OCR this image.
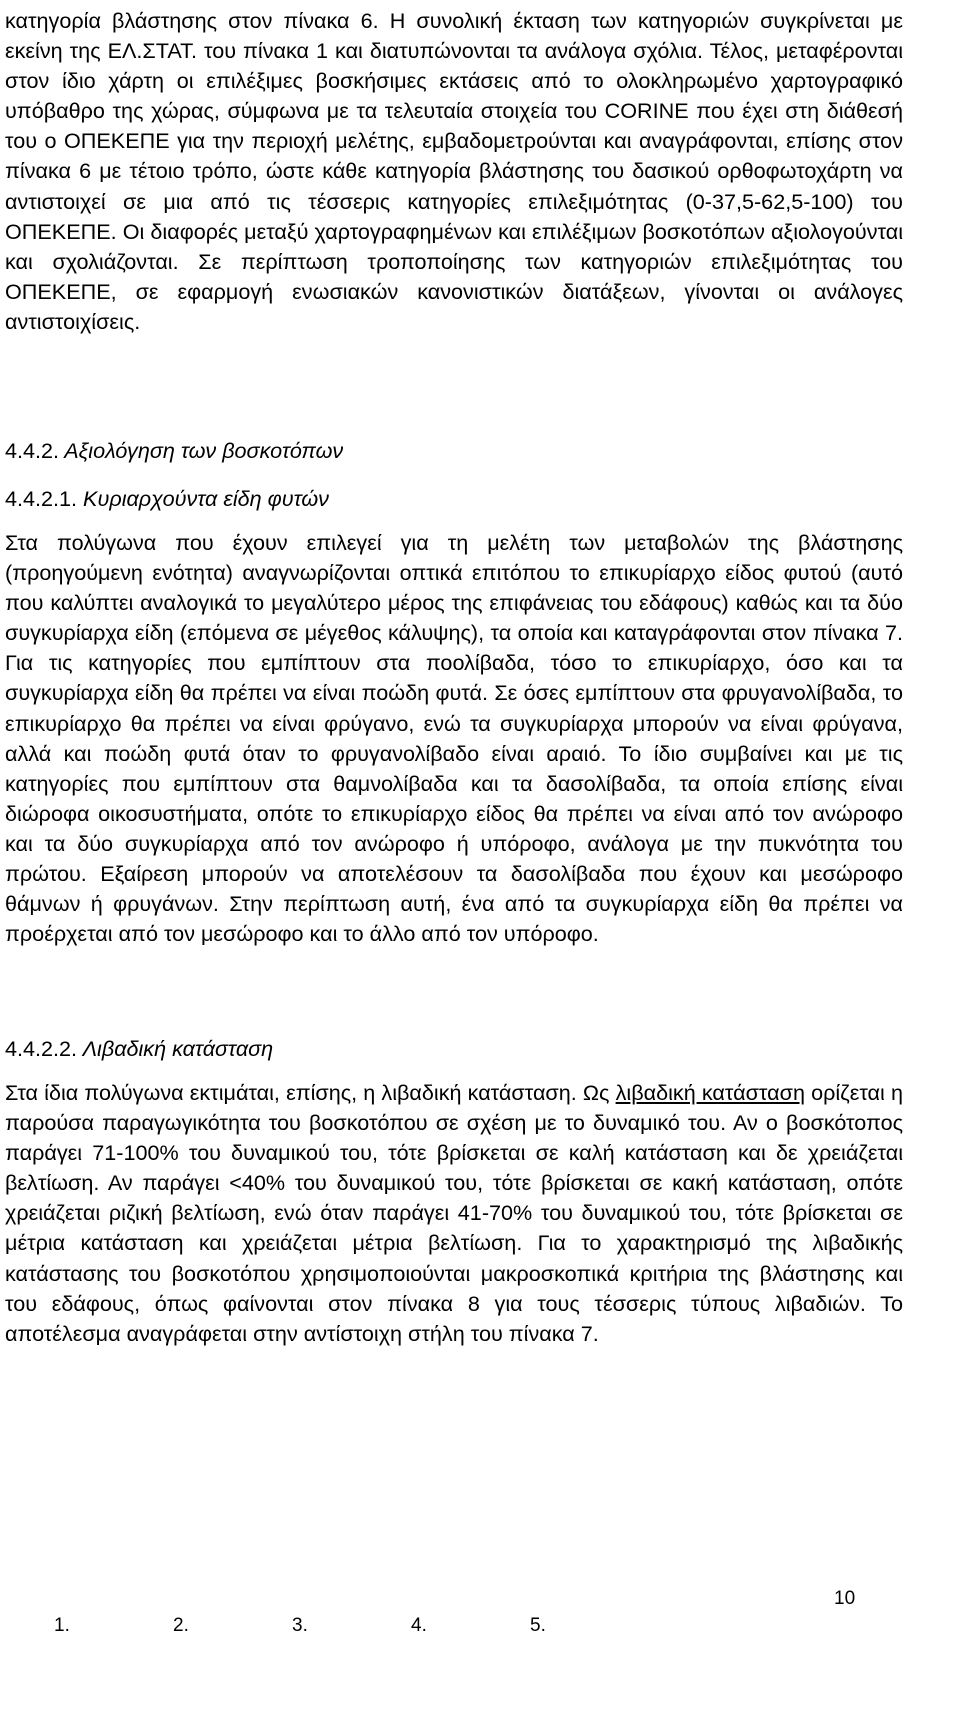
κατηγορία βλάστησης στον πίνακα 6. Η συνολική έκταση των κατηγοριών συγκρίνεται με εκείνη της ΕΛ.ΣΤΑΤ. του πίνακα 1 και διατυπώνονται τα ανάλογα σχόλια. Τέλος, μεταφέρονται στον ίδιο χάρτη οι επιλέξιμες βοσκήσιμες εκτάσεις από το ολοκληρωμένο χαρτογραφικό υπόβαθρο της χώρας, σύμφωνα με τα τελευταία στοιχεία του CORINE που έχει στη διάθεσή του ο ΟΠΕΚΕΠΕ για την περιοχή μελέτης, εμβαδομετρούνται και αναγράφονται, επίσης στον πίνακα 6 με τέτοιο τρόπο, ώστε κάθε κατηγορία βλάστησης του δασικού ορθοφωτοχάρτη να αντιστοιχεί σε μια από τις τέσσερις κατηγορίες επιλεξιμότητας (0-37,5-62,5-100) του ΟΠΕΚΕΠΕ. Οι διαφορές μεταξύ χαρτογραφημένων και επιλέξιμων βοσκοτόπων αξιολογούνται και σχολιάζονται. Σε περίπτωση τροποποίησης των κατηγοριών επιλεξιμότητας του ΟΠΕΚΕΠΕ, σε εφαρμογή ενωσιακών κανονιστικών διατάξεων, γίνονται οι ανάλογες αντιστοιχίσεις.

4.4.2. Αξιολόγηση των βοσκοτόπων

4.4.2.1. Κυριαρχούντα είδη φυτών

Στα πολύγωνα που έχουν επιλεγεί για τη μελέτη των μεταβολών της βλάστησης (προηγούμενη ενότητα) αναγνωρίζονται οπτικά επιτόπου το επικυρίαρχο είδος φυτού (αυτό που καλύπτει αναλογικά το μεγαλύτερο μέρος της επιφάνειας του εδάφους) καθώς και τα δύο συγκυρίαρχα είδη (επόμενα σε μέγεθος κάλυψης), τα οποία και καταγράφονται στον πίνακα 7. Για τις κατηγορίες που εμπίπτουν στα ποολίβαδα, τόσο το επικυρίαρχο, όσο και τα συγκυρίαρχα είδη θα πρέπει να είναι ποώδη φυτά. Σε όσες εμπίπτουν στα φρυγανολίβαδα, το επικυρίαρχο θα πρέπει να είναι φρύγανο, ενώ τα συγκυρίαρχα μπορούν να είναι φρύγανα, αλλά και ποώδη φυτά όταν το φρυγανολίβαδο είναι αραιό. Το ίδιο συμβαίνει και με τις κατηγορίες που εμπίπτουν στα θαμνολίβαδα και τα δασολίβαδα, τα οποία επίσης είναι διώροφα οικοσυστήματα, οπότε το επικυρίαρχο είδος θα πρέπει να είναι από τον ανώροφο και τα δύο συγκυρίαρχα από τον ανώροφο ή υπόροφο, ανάλογα με την πυκνότητα του πρώτου. Εξαίρεση μπορούν να αποτελέσουν τα δασολίβαδα που έχουν και μεσώροφο θάμνων ή φρυγάνων. Στην περίπτωση αυτή, ένα από τα συγκυρίαρχα είδη θα πρέπει να προέρχεται από τον μεσώροφο και το άλλο από τον υπόροφο.

4.4.2.2. Λιβαδική κατάσταση

Στα ίδια πολύγωνα εκτιμάται, επίσης, η λιβαδική κατάσταση. Ως λιβαδική κατάσταση ορίζεται η παρούσα παραγωγικότητα του βοσκοτόπου σε σχέση με το δυναμικό του. Αν ο βοσκότοπος παράγει 71-100% του δυναμικού του, τότε βρίσκεται σε καλή κατάσταση και δε χρειάζεται βελτίωση. Αν παράγει <40% του δυναμικού του, τότε βρίσκεται σε κακή κατάσταση, οπότε χρειάζεται ριζική βελτίωση, ενώ όταν παράγει 41-70% του δυναμικού του, τότε βρίσκεται σε μέτρια κατάσταση και χρειάζεται μέτρια βελτίωση. Για το χαρακτηρισμό της λιβαδικής κατάστασης του βοσκοτόπου χρησιμοποιούνται μακροσκοπικά κριτήρια της βλάστησης και του εδάφους, όπως φαίνονται στον πίνακα 8 για τους τέσσερις τύπους λιβαδιών. Το αποτέλεσμα αναγράφεται στην αντίστοιχη στήλη του πίνακα 7.

10
1.	2.	3.	4.	5.
